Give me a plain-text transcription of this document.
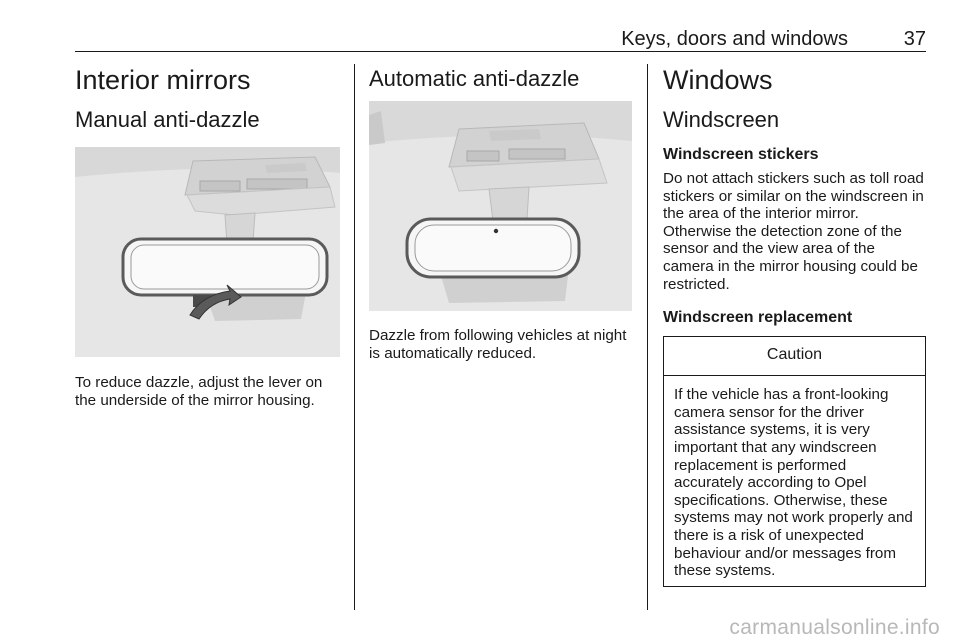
Keys, doors and windows	37
Interior mirrors
Manual anti-dazzle

To reduce dazzle, adjust the lever on the underside of the mirror housing.

Automatic anti-dazzle

Dazzle from following vehicles at night is automatically reduced.

Windows
Windscreen
Windscreen stickers

Do not attach stickers such as toll road stickers or similar on the windscreen in the area of the interior mirror. Otherwise the detection zone of the sensor and the view area of the camera in the mirror housing could be restricted.

Windscreen replacement
Caution

If the vehicle has a front-looking camera sensor for the driver assistance systems, it is very important that any windscreen replacement is performed accurately according to Opel specifications. Otherwise, these systems may not work properly and there is a risk of unexpected behaviour and/or messages from these systems.

carmanualsonline.info
